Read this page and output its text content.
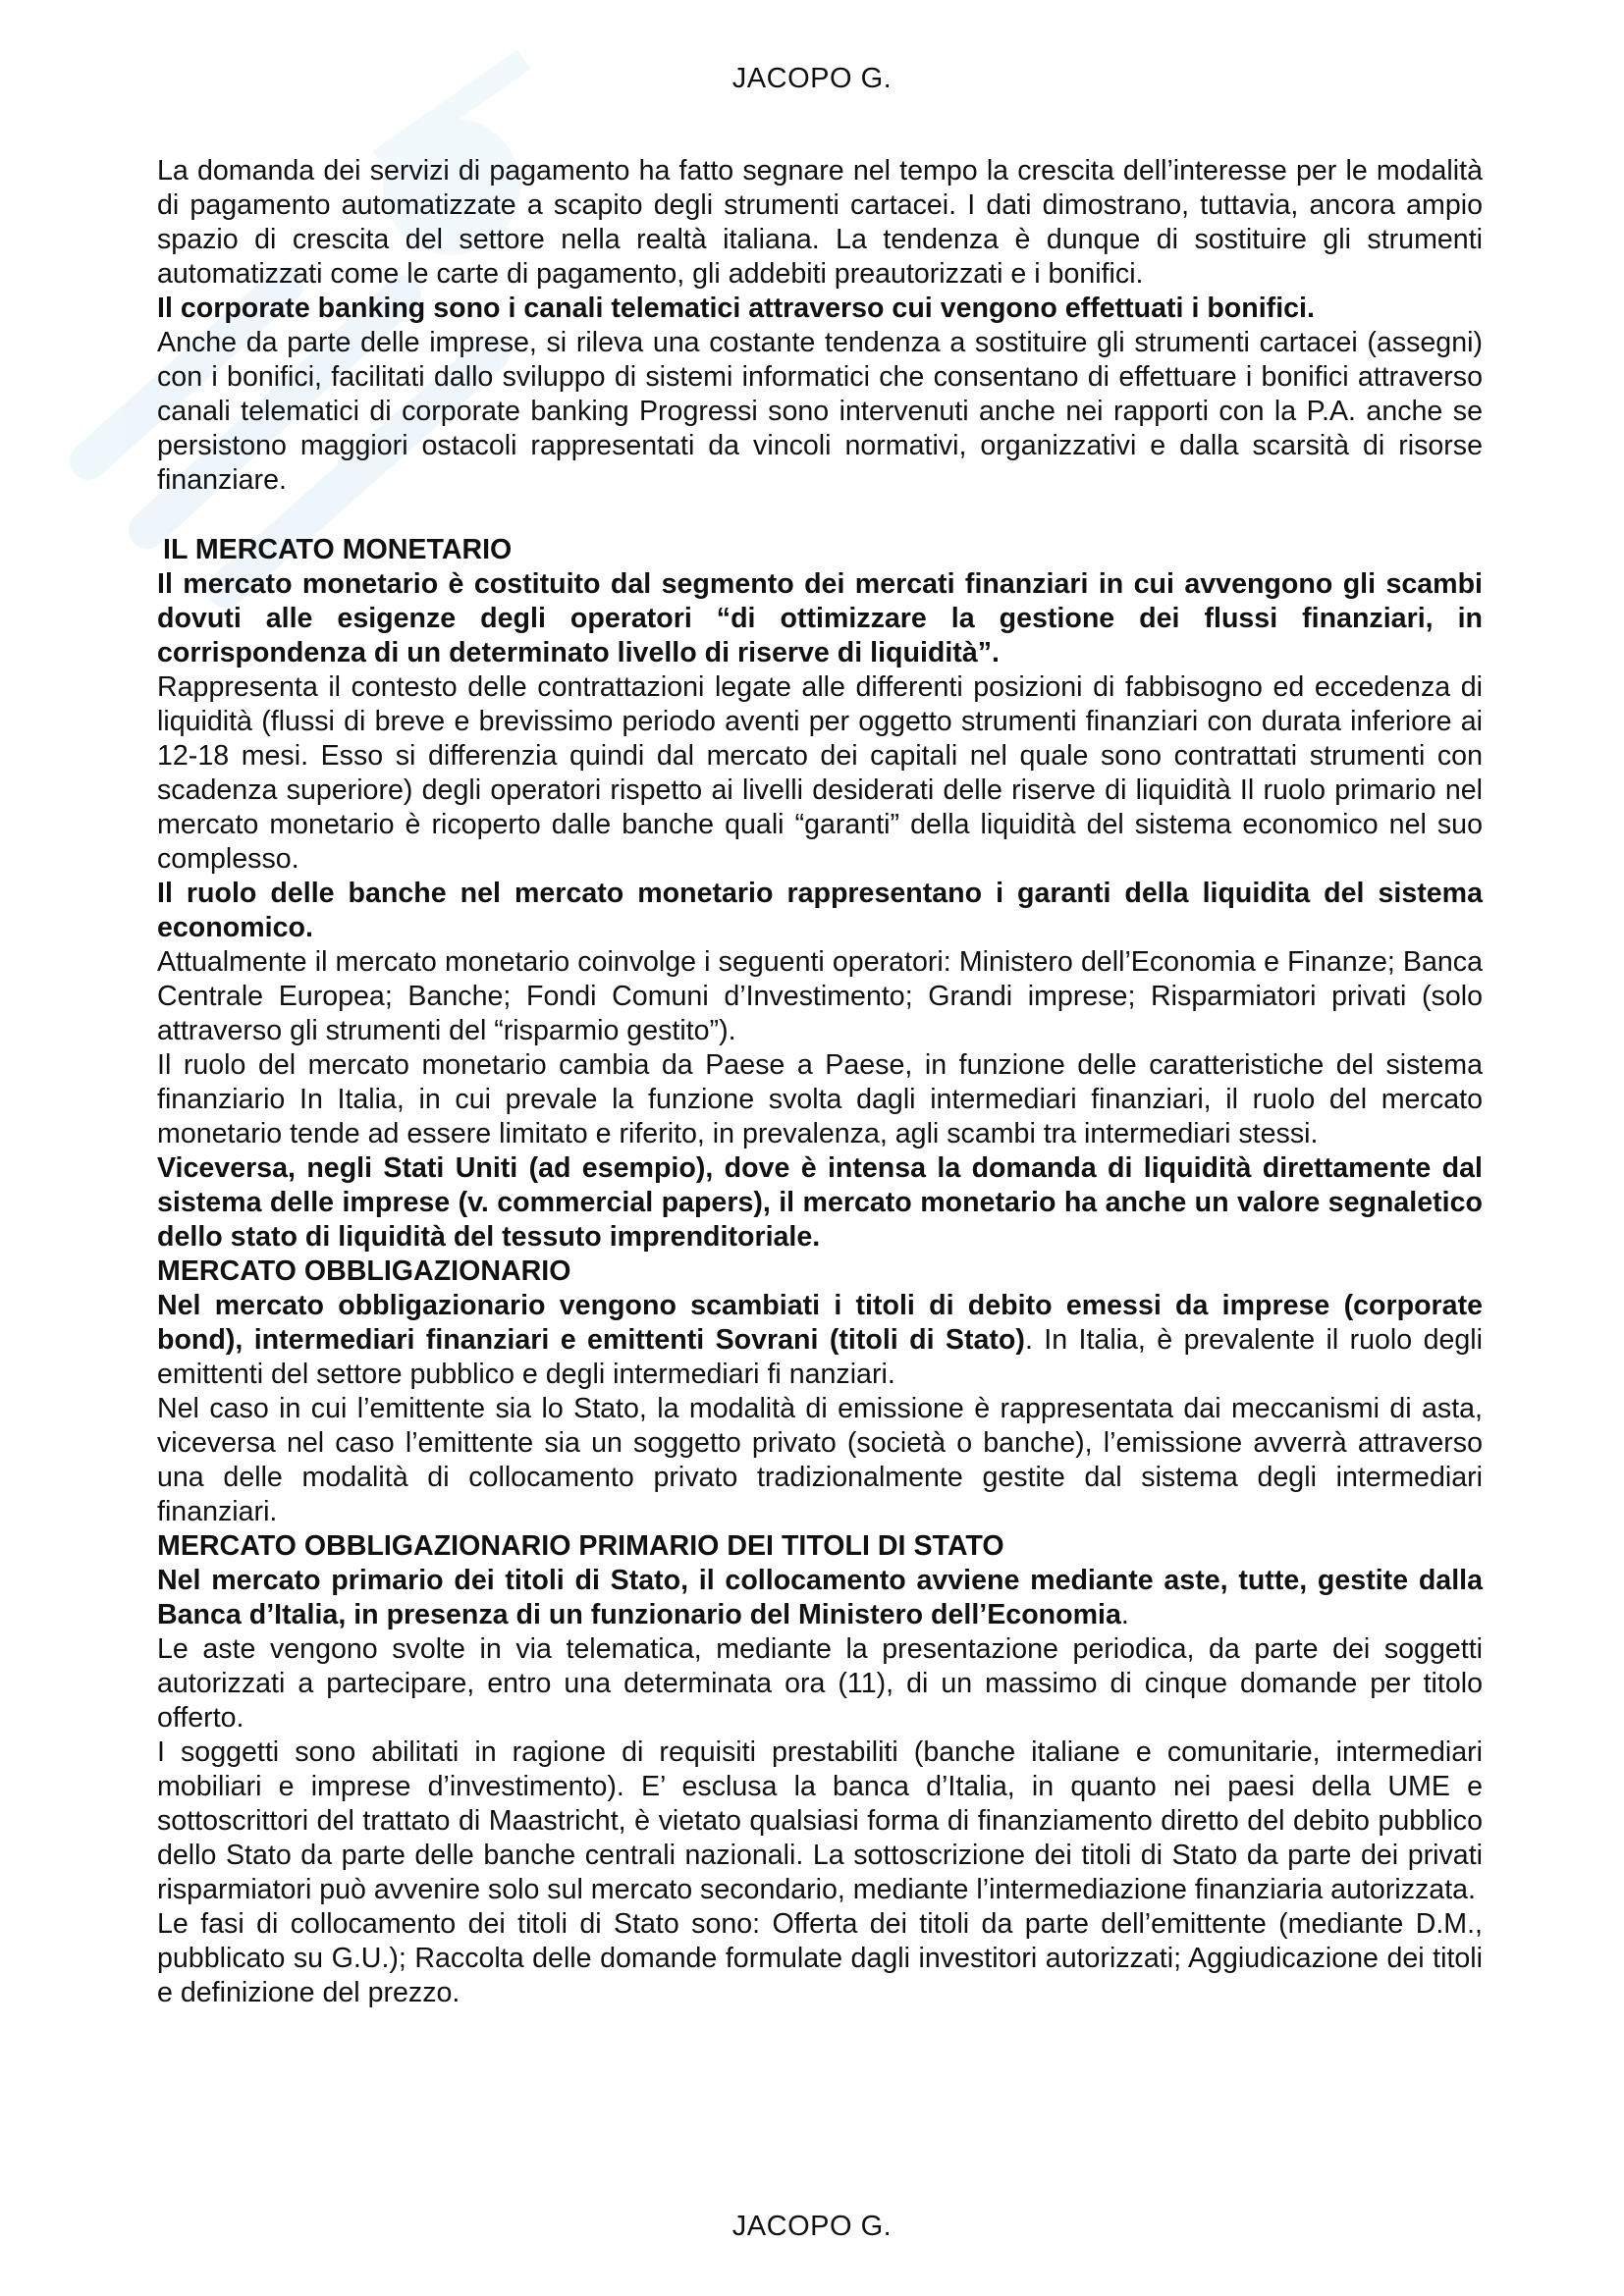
JACOPO G.

La domanda dei servizi di pagamento ha fatto segnare nel tempo la crescita dell’interesse per le modalità di pagamento automatizzate a scapito degli strumenti cartacei. I dati dimostrano, tuttavia, ancora ampio spazio di crescita del settore nella realtà italiana. La tendenza è dunque di sostituire gli strumenti automatizzati come le carte di pagamento, gli addebiti preautorizzati e i bonifici.

Il corporate banking sono i canali telematici attraverso cui vengono effettuati i bonifici.

Anche da parte delle imprese, si rileva una costante tendenza a sostituire gli strumenti cartacei (assegni) con i bonifici, facilitati dallo sviluppo di sistemi informatici che consentano di effettuare i bonifici attraverso canali telematici di corporate banking Progressi sono intervenuti anche nei rapporti con la P.A. anche se persistono maggiori ostacoli rappresentati da vincoli normativi, organizzativi e dalla scarsità di risorse finanziare.

IL MERCATO MONETARIO

Il mercato monetario è costituito dal segmento dei mercati finanziari in cui avvengono gli scambi dovuti alle esigenze degli operatori “di ottimizzare la gestione dei flussi finanziari, in corrispondenza di un determinato livello di riserve di liquidità”.

Rappresenta il contesto delle contrattazioni legate alle differenti posizioni di fabbisogno ed eccedenza di liquidità (flussi di breve e brevissimo periodo aventi per oggetto strumenti finanziari con durata inferiore ai 12-18 mesi. Esso si differenzia quindi dal mercato dei capitali nel quale sono contrattati strumenti con scadenza superiore) degli operatori rispetto ai livelli desiderati delle riserve di liquidità Il ruolo primario nel mercato monetario è ricoperto dalle banche quali “garanti” della liquidità del sistema economico nel suo complesso.

Il ruolo delle banche nel mercato monetario rappresentano i garanti della liquidita del sistema economico.

Attualmente il mercato monetario coinvolge i seguenti operatori: Ministero dell’Economia e Finanze; Banca Centrale Europea; Banche; Fondi Comuni d’Investimento; Grandi imprese; Risparmiatori privati (solo attraverso gli strumenti del “risparmio gestito”).

Il ruolo del mercato monetario cambia da Paese a Paese, in funzione delle caratteristiche del sistema finanziario In Italia, in cui prevale la funzione svolta dagli intermediari finanziari, il ruolo del mercato monetario tende ad essere limitato e riferito, in prevalenza, agli scambi tra intermediari stessi.

Viceversa, negli Stati Uniti (ad esempio), dove è intensa la domanda di liquidità direttamente dal sistema delle imprese (v. commercial papers), il mercato monetario ha anche un valore segnaletico dello stato di liquidità del tessuto imprenditoriale.

MERCATO OBBLIGAZIONARIO

Nel mercato obbligazionario vengono scambiati i titoli di debito emessi da imprese (corporate bond), intermediari finanziari e emittenti Sovrani (titoli di Stato). In Italia, è prevalente il ruolo degli emittenti del settore pubblico e degli intermediari fi nanziari.

Nel caso in cui l’emittente sia lo Stato, la modalità di emissione è rappresentata dai meccanismi di asta, viceversa nel caso l’emittente sia un soggetto privato (società o banche), l’emissione avverrà attraverso una delle modalità di collocamento privato tradizionalmente gestite dal sistema degli intermediari finanziari.

MERCATO OBBLIGAZIONARIO PRIMARIO DEI TITOLI DI STATO

Nel mercato primario dei titoli di Stato, il collocamento avviene mediante aste, tutte, gestite dalla Banca d’Italia, in presenza di un funzionario del Ministero dell’Economia.

Le aste vengono svolte in via telematica, mediante la presentazione periodica, da parte dei soggetti autorizzati a partecipare, entro una determinata ora (11), di un massimo di cinque domande per titolo offerto.

I soggetti sono abilitati in ragione di requisiti prestabiliti (banche italiane e comunitarie, intermediari mobiliari e imprese d’investimento). E’ esclusa la banca d’Italia, in quanto nei paesi della UME e sottoscrittori del trattato di Maastricht, è vietato qualsiasi forma di finanziamento diretto del debito pubblico dello Stato da parte delle banche centrali nazionali. La sottoscrizione dei titoli di Stato da parte dei privati risparmiatori può avvenire solo sul mercato secondario, mediante l’intermediazione finanziaria autorizzata.

Le fasi di collocamento dei titoli di Stato sono: Offerta dei titoli da parte dell’emittente (mediante D.M., pubblicato su G.U.); Raccolta delle domande formulate dagli investitori autorizzati; Aggiudicazione dei titoli e definizione del prezzo.

JACOPO G.
